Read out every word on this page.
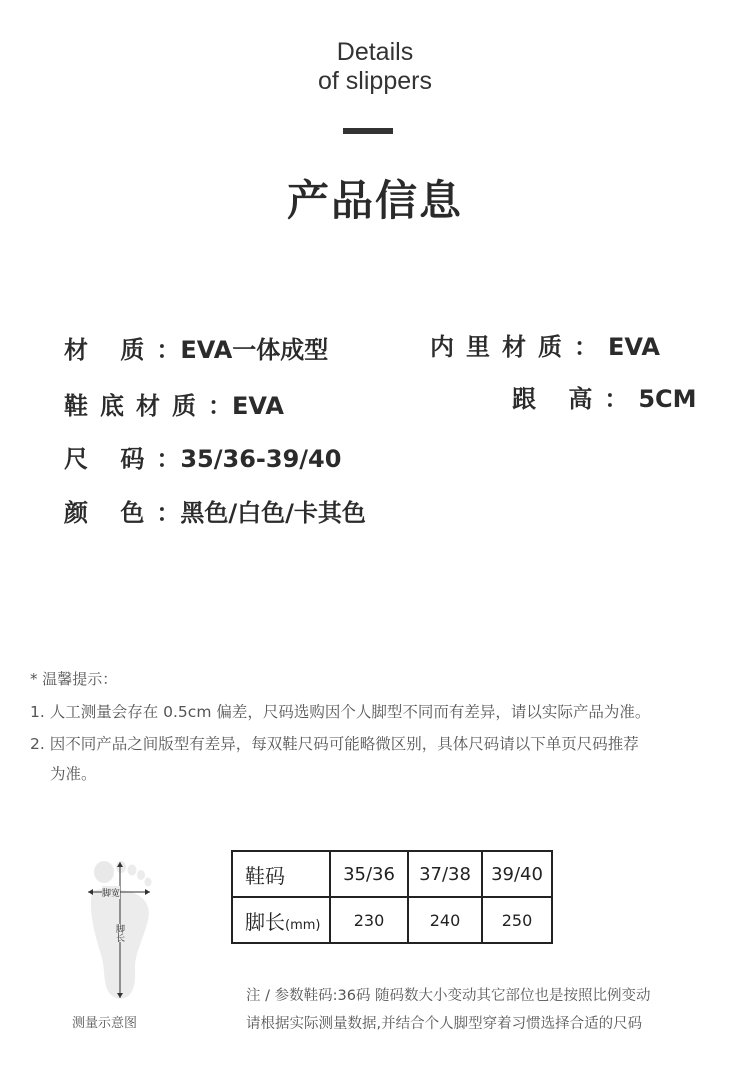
Details
of slippers
产品信息
材 质：EVA一体成型	内里材质： EVA
鞋底材质：EVA	跟 高： 5CM
尺 码：35/36-39/40
颜 色：黑色/白色/卡其色
* 温馨提示：
1. 人工测量会存在 0.5cm 偏差，尺码选购因个人脚型不同而有差异，请以实际产品为准。
2. 因不同产品之间版型有差异，每双鞋尺码可能略微区别，具体尺码请以下单页尺码推荐
为准。
脚宽
脚长
测量示意图
鞋码	35/36	37/38	39/40
脚长(mm)	230	240	250
注 / 参数鞋码:36码 随码数大小变动其它部位也是按照比例变动
请根据实际测量数据,并结合个人脚型穿着习惯选择合适的尺码
